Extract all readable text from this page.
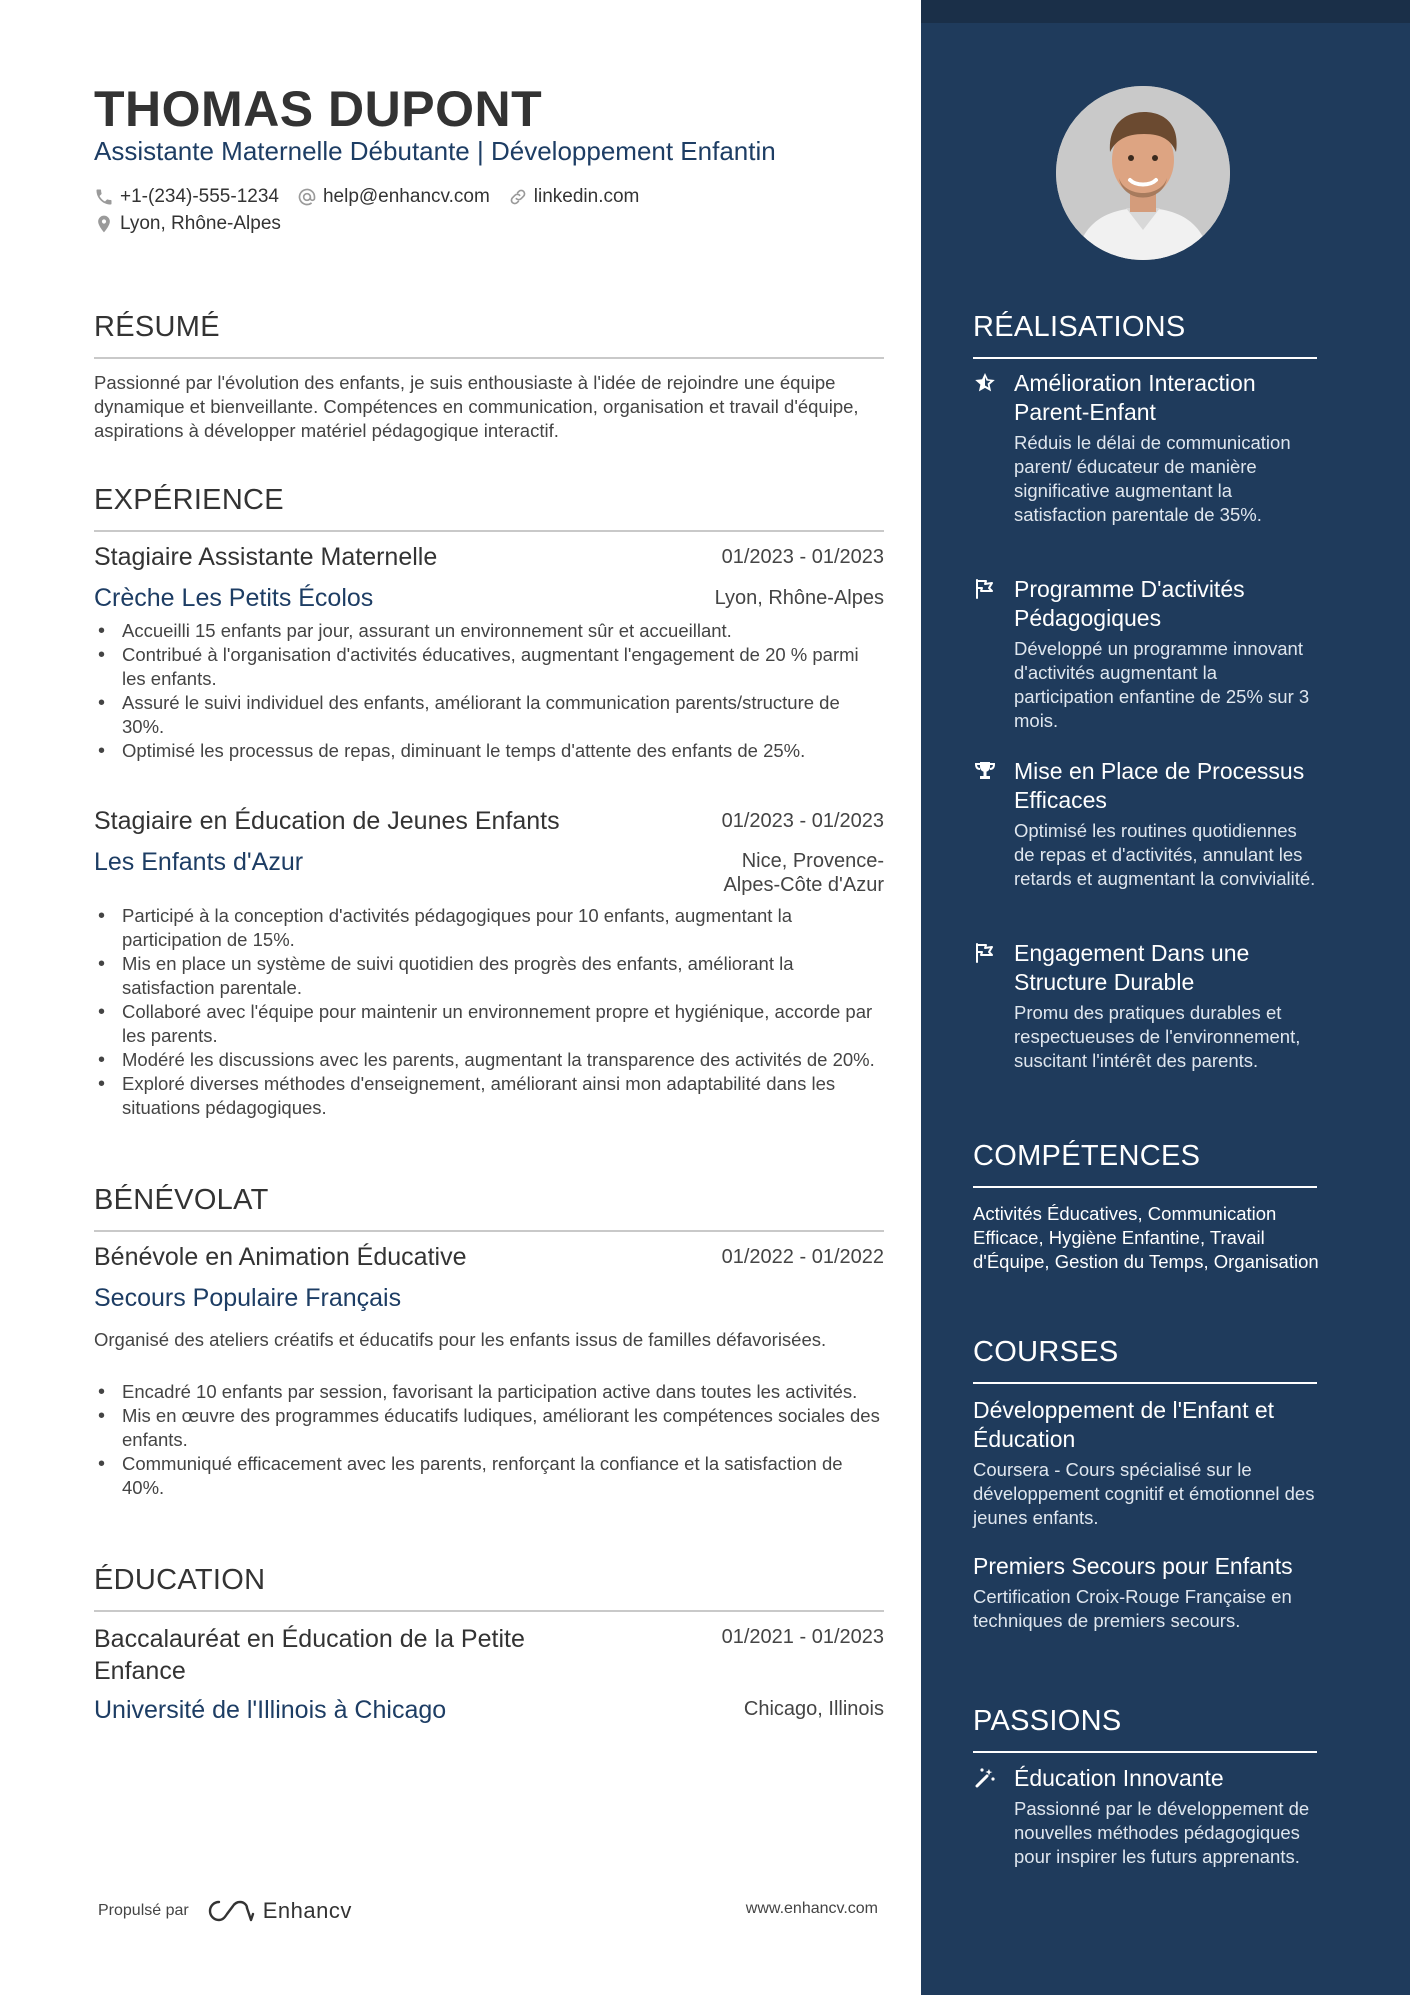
THOMAS DUPONT
Assistante Maternelle Débutante | Développement Enfantin
+1-(234)-555-1234 help@enhancv.com linkedin.com
Lyon, Rhône-Alpes
RÉSUMÉ
Passionné par l'évolution des enfants, je suis enthousiaste à l'idée de rejoindre une équipe dynamique et bienveillante. Compétences en communication, organisation et travail d'équipe, aspirations à développer matériel pédagogique interactif.
EXPÉRIENCE
Stagiaire Assistante Maternelle	01/2023 - 01/2023
Crèche Les Petits Écolos	Lyon, Rhône-Alpes
• Accueilli 15 enfants par jour, assurant un environnement sûr et accueillant.
• Contribué à l'organisation d'activités éducatives, augmentant l'engagement de 20 % parmi les enfants.
• Assuré le suivi individuel des enfants, améliorant la communication parents/structure de 30%.
• Optimisé les processus de repas, diminuant le temps d'attente des enfants de 25%.
Stagiaire en Éducation de Jeunes Enfants	01/2023 - 01/2023
Les Enfants d'Azur	Nice, Provence-
Alpes-Côte d'Azur
• Participé à la conception d'activités pédagogiques pour 10 enfants, augmentant la participation de 15%.
• Mis en place un système de suivi quotidien des progrès des enfants, améliorant la satisfaction parentale.
• Collaboré avec l'équipe pour maintenir un environnement propre et hygiénique, accorde par les parents.
• Modéré les discussions avec les parents, augmentant la transparence des activités de 20%.
• Exploré diverses méthodes d'enseignement, améliorant ainsi mon adaptabilité dans les situations pédagogiques.
BÉNÉVOLAT
Bénévole en Animation Éducative	01/2022 - 01/2022
Secours Populaire Français
Organisé des ateliers créatifs et éducatifs pour les enfants issus de familles défavorisées.
• Encadré 10 enfants par session, favorisant la participation active dans toutes les activités.
• Mis en œuvre des programmes éducatifs ludiques, améliorant les compétences sociales des enfants.
• Communiqué efficacement avec les parents, renforçant la confiance et la satisfaction de 40%.
ÉDUCATION
Baccalauréat en Éducation de la Petite
Enfance
01/2021 - 01/2023
Université de l'Illinois à Chicago	Chicago, Illinois
Propulsé par	Enhancv	www.enhancv.com
RÉALISATIONS
Amélioration Interaction Parent-Enfant
Réduis le délai de communication parent/ éducateur de manière significative augmentant la satisfaction parentale de 35%.
Programme D'activités Pédagogiques
Développé un programme innovant d'activités augmentant la participation enfantine de 25% sur 3 mois.
Mise en Place de Processus Efficaces
Optimisé les routines quotidiennes de repas et d'activités, annulant les retards et augmentant la convivialité.
Engagement Dans une Structure Durable
Promu des pratiques durables et respectueuses de l'environnement, suscitant l'intérêt des parents.
COMPÉTENCES
Activités Éducatives, Communication Efficace, Hygiène Enfantine, Travail d'Équipe, Gestion du Temps, Organisation
COURSES
Développement de l'Enfant et Éducation
Coursera - Cours spécialisé sur le développement cognitif et émotionnel des jeunes enfants.
Premiers Secours pour Enfants
Certification Croix-Rouge Française en techniques de premiers secours.
PASSIONS
Éducation Innovante
Passionné par le développement de nouvelles méthodes pédagogiques pour inspirer les futurs apprenants.
